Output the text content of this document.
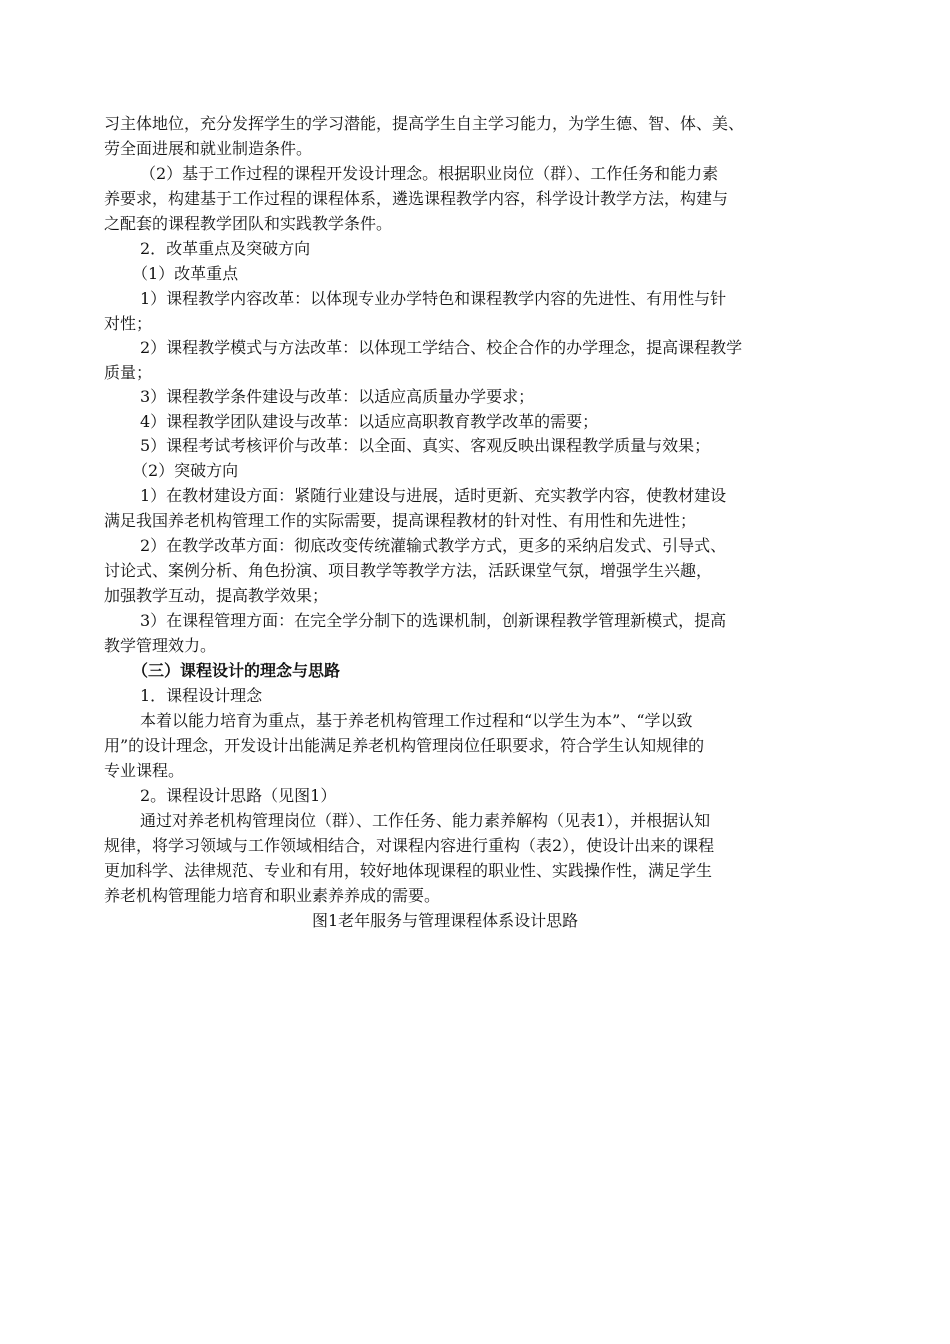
习主体地位，充分发挥学生的学习潜能，提高学生自主学习能力，为学生德、智、体、美、
劳全面进展和就业制造条件。
（2）基于工作过程的课程开发设计理念。根据职业岗位（群）、工作任务和能力素
养要求，构建基于工作过程的课程体系，遴选课程教学内容，科学设计教学方法，构建与
之配套的课程教学团队和实践教学条件。
2．改革重点及突破方向
（1）改革重点
1）课程教学内容改革：以体现专业办学特色和课程教学内容的先进性、有用性与针
对性；
2）课程教学模式与方法改革：以体现工学结合、校企合作的办学理念，提高课程教学
质量；
3）课程教学条件建设与改革：以适应高质量办学要求；
4）课程教学团队建设与改革：以适应高职教育教学改革的需要；
5）课程考试考核评价与改革：以全面、真实、客观反映出课程教学质量与效果；
（2）突破方向
1）在教材建设方面：紧随行业建设与进展，适时更新、充实教学内容，使教材建设
满足我国养老机构管理工作的实际需要，提高课程教材的针对性、有用性和先进性；
2）在教学改革方面：彻底改变传统灌输式教学方式，更多的采纳启发式、引导式、
讨论式、案例分析、角色扮演、项目教学等教学方法，活跃课堂气氛，增强学生兴趣，
加强教学互动，提高教学效果；
3）在课程管理方面：在完全学分制下的选课机制，创新课程教学管理新模式，提高
教学管理效力。
（三）课程设计的理念与思路
1．课程设计理念
本着以能力培育为重点，基于养老机构管理工作过程和“以学生为本”、“学以致
用”的设计理念，开发设计出能满足养老机构管理岗位任职要求，符合学生认知规律的
专业课程。
2。课程设计思路（见图1）
通过对养老机构管理岗位（群）、工作任务、能力素养解构（见表1），并根据认知
规律，将学习领域与工作领域相结合，对课程内容进行重构（表2），使设计出来的课程
更加科学、法律规范、专业和有用，较好地体现课程的职业性、实践操作性，满足学生
养老机构管理能力培育和职业素养养成的需要。
图1老年服务与管理课程体系设计思路
